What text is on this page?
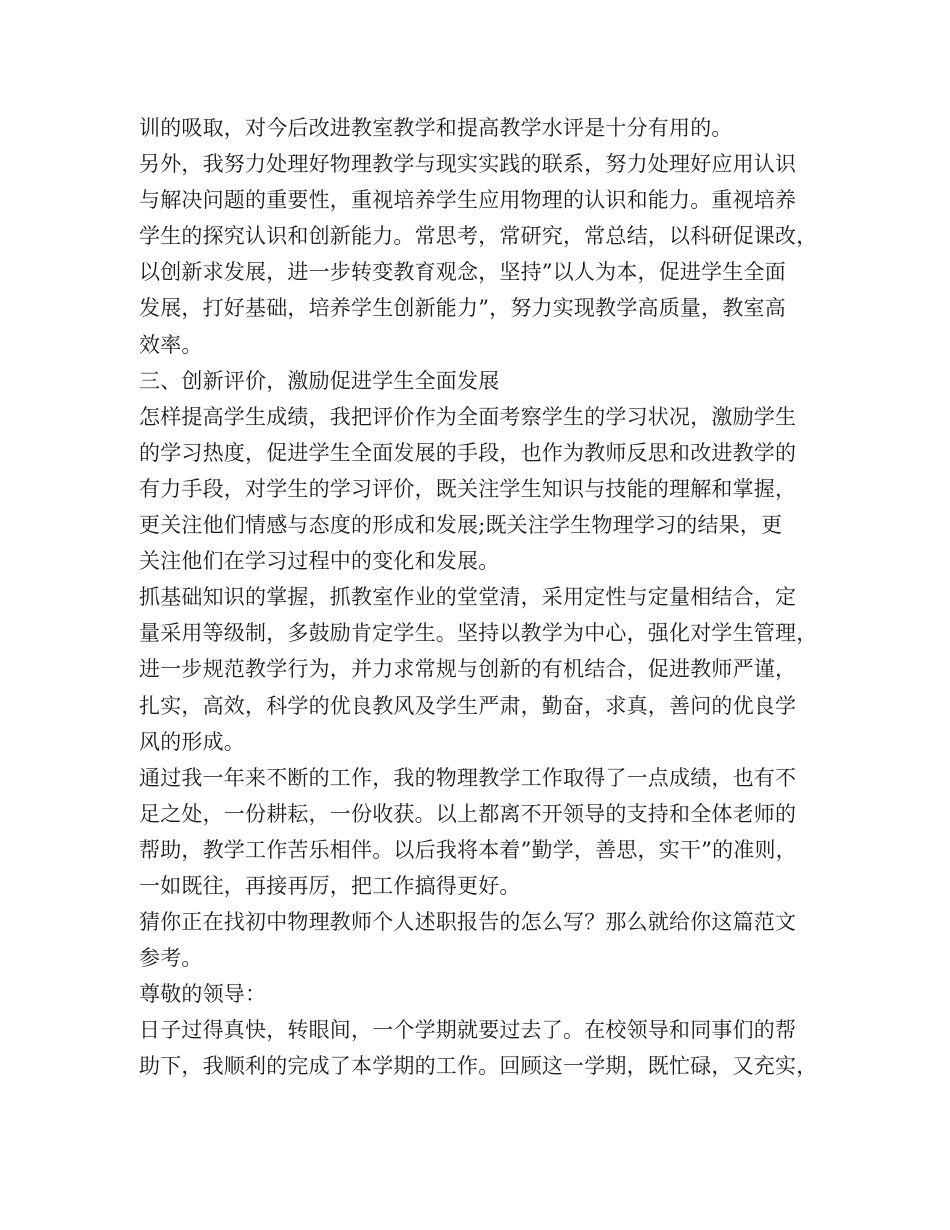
训的吸取，对今后改进教室教学和提高教学水评是十分有用的。
另外，我努力处理好物理教学与现实实践的联系，努力处理好应用认识
与解决问题的重要性，重视培养学生应用物理的认识和能力。重视培养
学生的探究认识和创新能力。常思考，常研究，常总结，以科研促课改，
以创新求发展，进一步转变教育观念，坚持”以人为本，促进学生全面
发展，打好基础，培养学生创新能力”，努力实现教学高质量，教室高
效率。
三、创新评价，激励促进学生全面发展
怎样提高学生成绩，我把评价作为全面考察学生的学习状况，激励学生
的学习热度，促进学生全面发展的手段，也作为教师反思和改进教学的
有力手段，对学生的学习评价，既关注学生知识与技能的理解和掌握，
更关注他们情感与态度的形成和发展;既关注学生物理学习的结果，更
关注他们在学习过程中的变化和发展。
抓基础知识的掌握，抓教室作业的堂堂清，采用定性与定量相结合，定
量采用等级制，多鼓励肯定学生。坚持以教学为中心，强化对学生管理，
进一步规范教学行为，并力求常规与创新的有机结合，促进教师严谨，
扎实，高效，科学的优良教风及学生严肃，勤奋，求真，善问的优良学
风的形成。
通过我一年来不断的工作，我的物理教学工作取得了一点成绩，也有不
足之处，一份耕耘，一份收获。以上都离不开领导的支持和全体老师的
帮助，教学工作苦乐相伴。以后我将本着”勤学，善思，实干”的准则，
一如既往，再接再厉，把工作搞得更好。
猜你正在找初中物理教师个人述职报告的怎么写？那么就给你这篇范文
参考。
尊敬的领导：
日子过得真快，转眼间，一个学期就要过去了。在校领导和同事们的帮
助下，我顺利的完成了本学期的工作。回顾这一学期，既忙碌，又充实，
